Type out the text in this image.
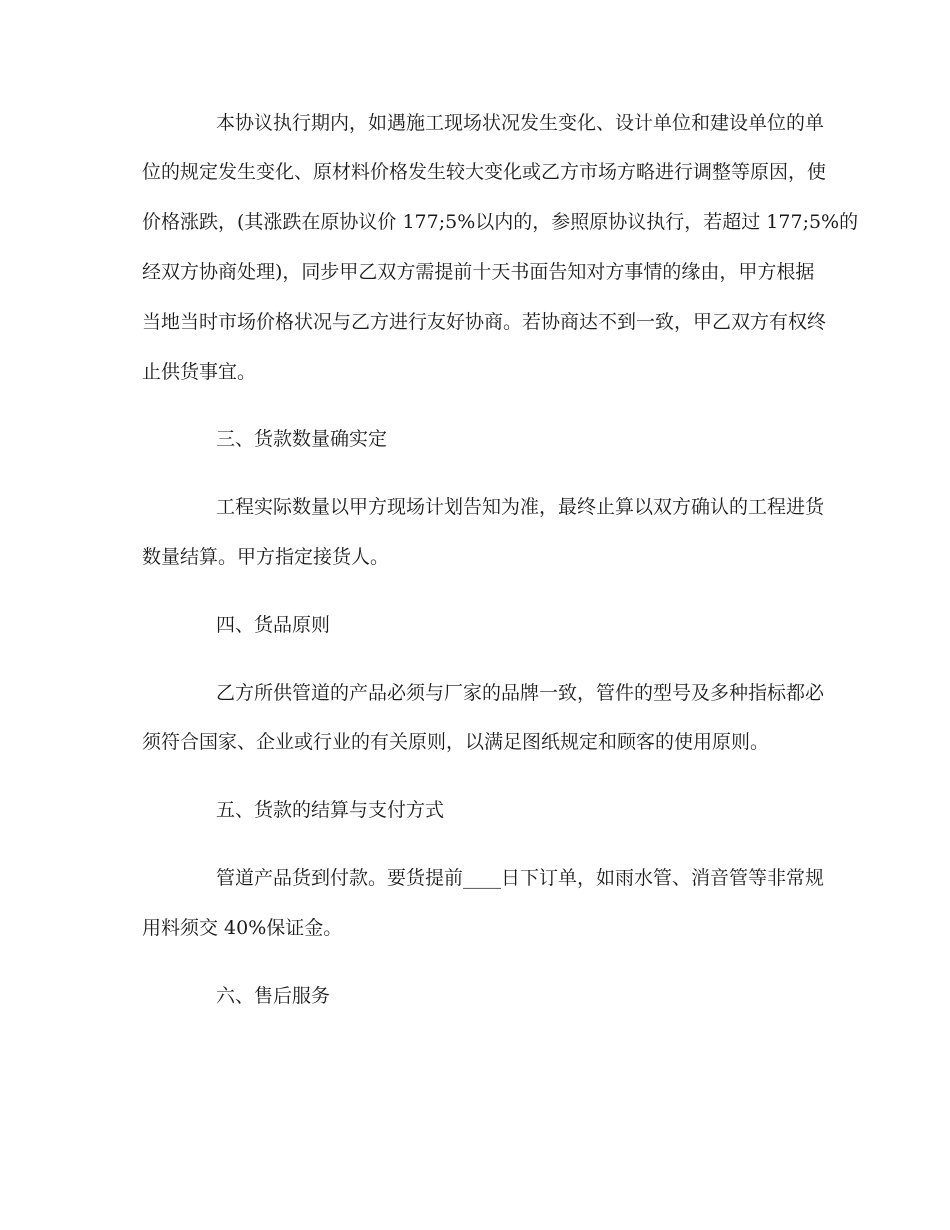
本协议执行期内，如遇施工现场状况发生变化、设计单位和建设单位的单

位的规定发生变化、原材料价格发生较大变化或乙方市场方略进行调整等原因，使

价格涨跌，(其涨跌在原协议价 177;5%以内的，参照原协议执行，若超过 177;5%的

经双方协商处理)，同步甲乙双方需提前十天书面告知对方事情的缘由，甲方根据

当地当时市场价格状况与乙方进行友好协商。若协商达不到一致，甲乙双方有权终

止供货事宜。

三、货款数量确实定

工程实际数量以甲方现场计划告知为准，最终止算以双方确认的工程进货

数量结算。甲方指定接货人。

四、货品原则

乙方所供管道的产品必须与厂家的品牌一致，管件的型号及多种指标都必

须符合国家、企业或行业的有关原则，以满足图纸规定和顾客的使用原则。

五、货款的结算与支付方式

管道产品货到付款。要货提前____日下订单，如雨水管、消音管等非常规

用料须交 40%保证金。

六、售后服务
